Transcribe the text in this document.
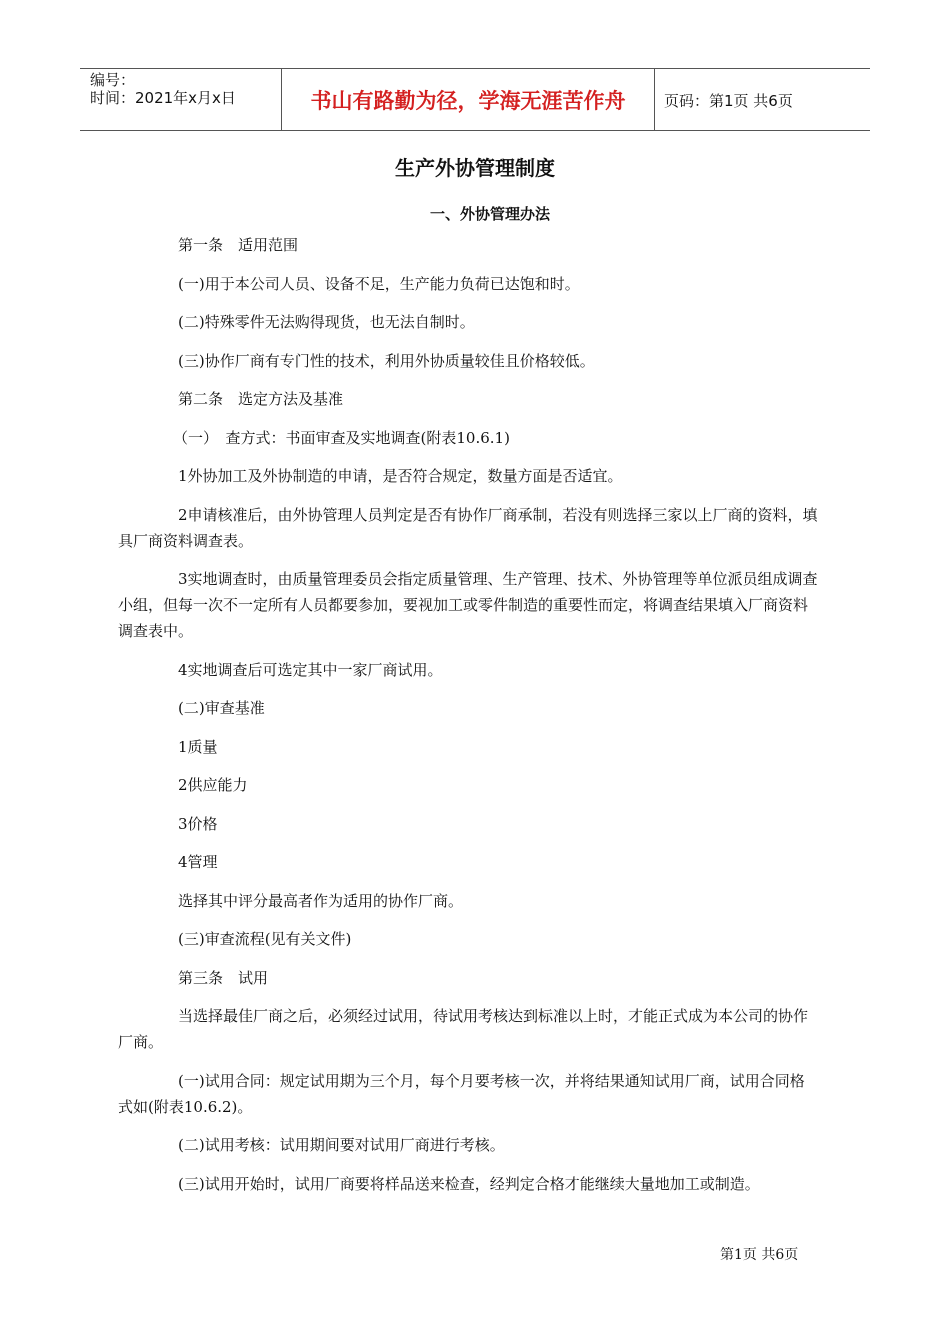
编号：
时间：2021年x月x日	书山有路勤为径，学海无涯苦作舟	页码：第1页 共6页
生产外协管理制度
一、外协管理办法

第一条　适用范围

(一)用于本公司人员、设备不足，生产能力负荷已达饱和时。

(二)特殊零件无法购得现货，也无法自制时。

(三)协作厂商有专门性的技术，利用外协质量较佳且价格较低。

第二条　选定方法及基准

（一）　查方式：书面审查及实地调查(附表10.6.1)

1外协加工及外协制造的申请，是否符合规定，数量方面是否适宜。

2申请核准后，由外协管理人员判定是否有协作厂商承制，若没有则选择三家以上厂商的资料，填具厂商资料调查表。

3实地调查时，由质量管理委员会指定质量管理、生产管理、技术、外协管理等单位派员组成调查小组，但每一次不一定所有人员都要参加，要视加工或零件制造的重要性而定，将调查结果填入厂商资料调查表中。

4实地调查后可选定其中一家厂商试用。

(二)审查基准

1质量

2供应能力

3价格

4管理

选择其中评分最高者作为适用的协作厂商。

(三)审查流程(见有关文件)

第三条　试用

当选择最佳厂商之后，必须经过试用，待试用考核达到标准以上时，才能正式成为本公司的协作厂商。

(一)试用合同：规定试用期为三个月，每个月要考核一次，并将结果通知试用厂商，试用合同格式如(附表10.6.2)。

(二)试用考核：试用期间要对试用厂商进行考核。

(三)试用开始时，试用厂商要将样品送来检查，经判定合格才能继续大量地加工或制造。

第1页 共6页
